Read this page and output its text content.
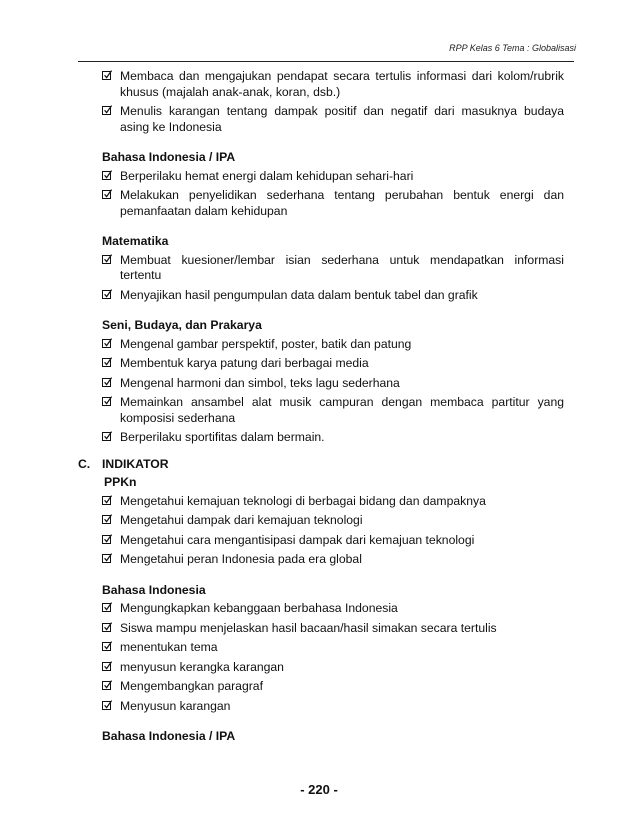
RPP Kelas 6 Tema : Globalisasi
Membaca dan mengajukan pendapat secara tertulis informasi dari kolom/rubrik khusus (majalah anak-anak, koran, dsb.)
Menulis karangan tentang dampak positif dan negatif dari masuknya budaya asing ke Indonesia
Bahasa Indonesia / IPA
Berperilaku hemat energi dalam kehidupan sehari-hari
Melakukan penyelidikan sederhana tentang perubahan bentuk energi dan pemanfaatan dalam kehidupan
Matematika
Membuat kuesioner/lembar isian sederhana untuk mendapatkan informasi tertentu
Menyajikan hasil pengumpulan data dalam bentuk tabel dan grafik
Seni, Budaya, dan Prakarya
Mengenal gambar perspektif, poster, batik dan patung
Membentuk karya patung dari berbagai media
Mengenal harmoni dan simbol, teks lagu sederhana
Memainkan ansambel alat musik campuran dengan membaca partitur yang komposisi sederhana
Berperilaku sportifitas dalam bermain.
C. INDIKATOR
PPKn
Mengetahui kemajuan teknologi di berbagai bidang dan dampaknya
Mengetahui dampak dari kemajuan teknologi
Mengetahui cara mengantisipasi dampak dari kemajuan teknologi
Mengetahui peran Indonesia pada era global
Bahasa Indonesia
Mengungkapkan kebanggaan berbahasa Indonesia
Siswa mampu menjelaskan hasil bacaan/hasil simakan secara tertulis
menentukan tema
menyusun kerangka karangan
Mengembangkan paragraf
Menyusun karangan
Bahasa Indonesia / IPA
- 220 -
